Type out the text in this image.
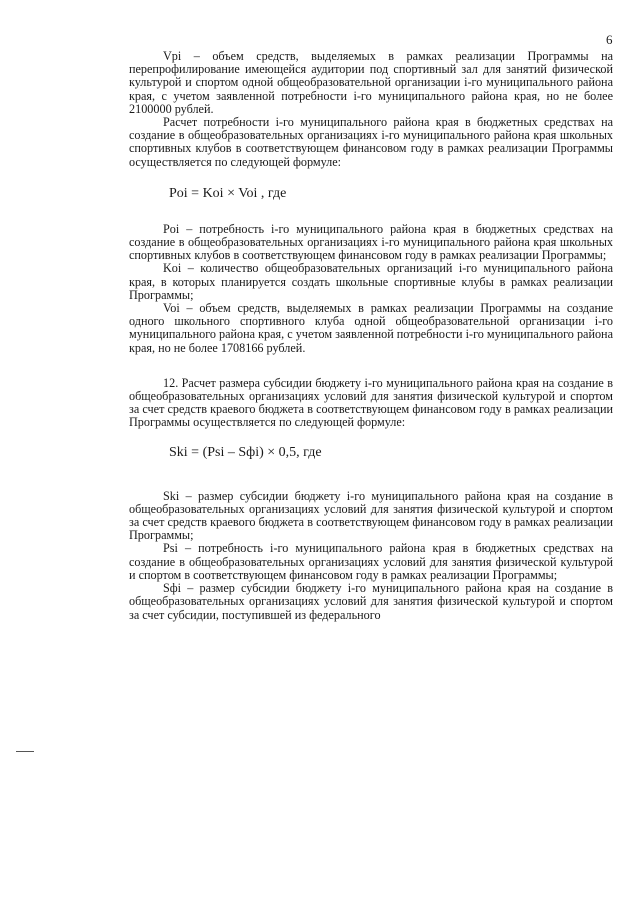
6

Vpi – объем средств, выделяемых в рамках реализации Программы на перепрофилирование имеющейся аудитории под спортивный зал для занятий физической культурой и спортом одной общеобразовательной организации i-го муниципального района края, с учетом заявленной потребности i-го муниципального района края, но не более 2100000 рублей.

Расчет потребности i-го муниципального района края в бюджетных средствах на создание в общеобразовательных организациях i-го муниципального района края школьных спортивных клубов в соответствующем финансовом году в рамках реализации Программы осуществляется по следующей формуле:

Poi = Koi × Voi , где

Poi – потребность i-го муниципального района края в бюджетных средствах на создание в общеобразовательных организациях i-го муниципального района края школьных спортивных клубов в соответствующем финансовом году в рамках реализации Программы;

Koi – количество общеобразовательных организаций i-го муниципального района края, в которых планируется создать школьные спортивные клубы в рамках реализации Программы;

Voi – объем средств, выделяемых в рамках реализации Программы на создание одного школьного спортивного клуба одной общеобразовательной организации i-го муниципального района края, с учетом заявленной потребности i-го муниципального района края, но не более 1708166 рублей.

12. Расчет размера субсидии бюджету i-го муниципального района края на создание в общеобразовательных организациях условий для занятия физической культурой и спортом за счет средств краевого бюджета в соответствующем финансовом году в рамках реализации Программы осуществляется по следующей формуле:

Ski = (Psi – Sфi) × 0,5, где

Ski – размер субсидии бюджету i-го муниципального района края на создание в общеобразовательных организациях условий для занятия физической культурой и спортом за счет средств краевого бюджета в соответствующем финансовом году в рамках реализации Программы;

Psi – потребность i-го муниципального района края в бюджетных средствах на создание в общеобразовательных организациях условий для занятия физической культурой и спортом в соответствующем финансовом году в рамках реализации Программы;

Sфi – размер субсидии бюджету i-го муниципального района края на создание в общеобразовательных организациях условий для занятия физической культурой и спортом за счет субсидии, поступившей из федерального
